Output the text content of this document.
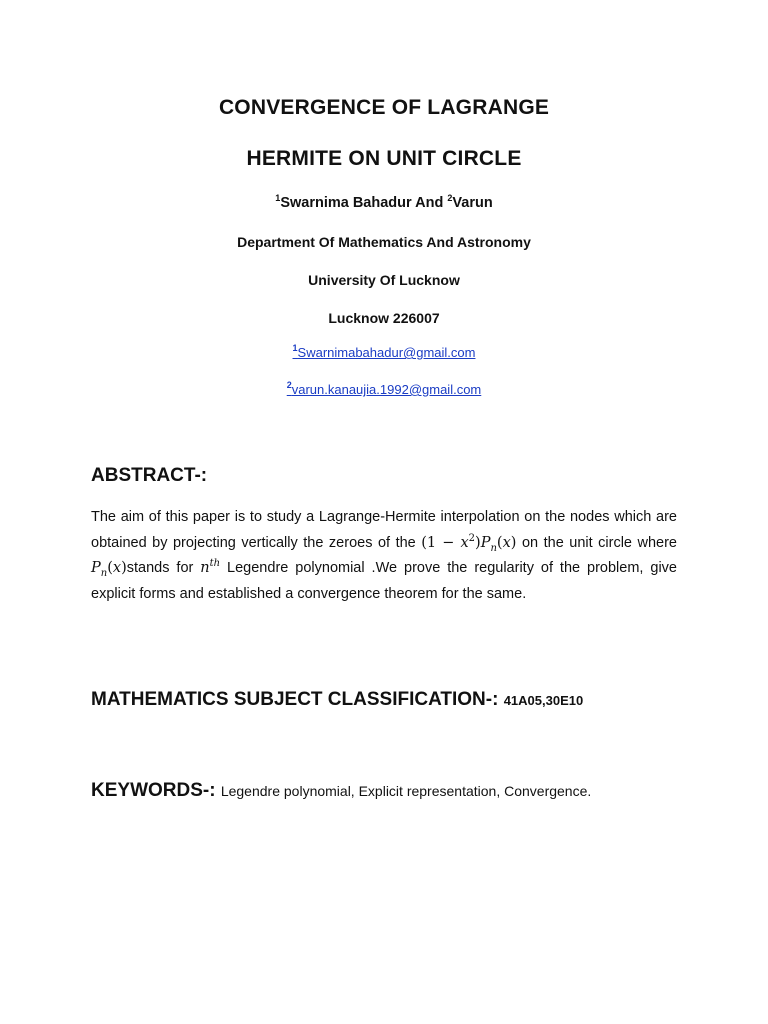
CONVERGENCE OF LAGRANGE
HERMITE ON UNIT CIRCLE
$^1$Swarnima Bahadur And $^2$Varun
Department Of Mathematics And Astronomy
University Of Lucknow
Lucknow 226007
$^1$Swarnimabahadur@gmail.com
$^2$varun.kanaujia.1992@gmail.com
ABSTRACT-:
The aim of this paper is to study a Lagrange-Hermite interpolation on the nodes which are obtained by projecting vertically the zeroes of the $(1 - x^2)P_n(x)$ on the unit circle where $P_n(x)stands$ for $n^{th}$ Legendre polynomial .We prove the regularity of the problem, give explicit forms and established a convergence theorem for the same.
MATHEMATICS SUBJECT CLASSIFICATION-: 41A05,30E10
KEYWORDS-: Legendre polynomial, Explicit representation, Convergence.
